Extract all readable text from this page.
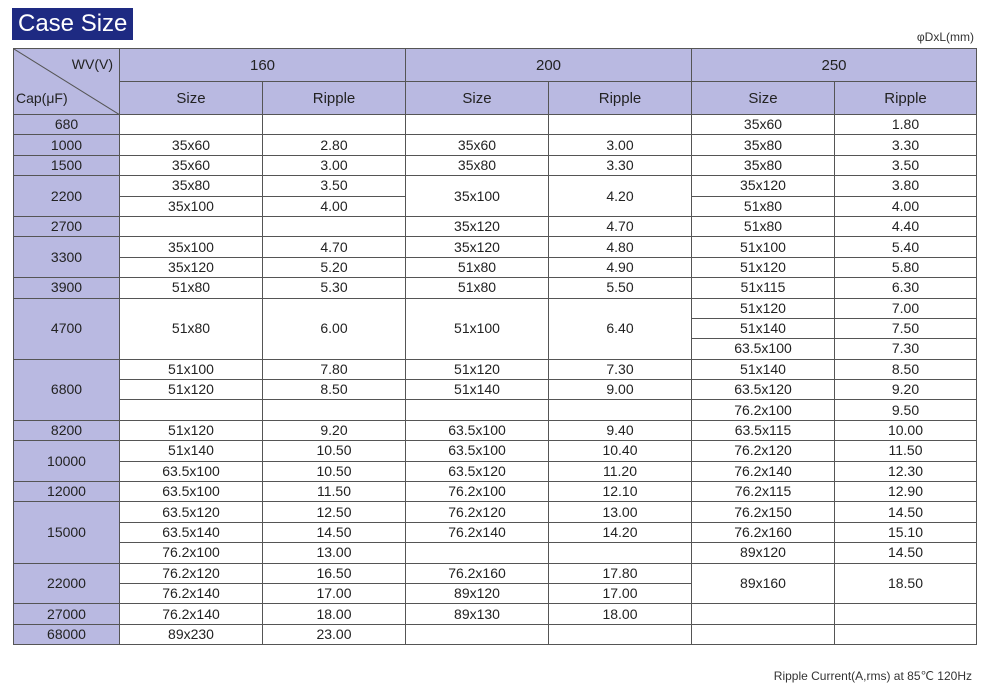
Case Size	φDxL(mm)
WV(V)
Cap(μF)	160		200		250	
	Size	Ripple	Size	Ripple	Size	Ripple
680					35x60	1.80
1000	35x60	2.80	35x60	3.00	35x80	3.30
1500	35x60	3.00	35x80	3.30	35x80	3.50
2200	35x80	3.50	35x100	4.20	35x120	3.80
	35x100	4.00			51x80	4.00
2700			35x120	4.70	51x80	4.40
3300	35x100	4.70	35x120	4.80	51x100	5.40
	35x120	5.20	51x80	4.90	51x120	5.80
3900	51x80	5.30	51x80	5.50	51x115	6.30
4700	51x80	6.00	51x100	6.40	51x120	7.00
					51x140	7.50
					63.5x100	7.30
6800	51x100	7.80	51x120	7.30	51x140	8.50
	51x120	8.50	51x140	9.00	63.5x120	9.20
					76.2x100	9.50
8200	51x120	9.20	63.5x100	9.40	63.5x115	10.00
10000	51x140	10.50	63.5x100	10.40	76.2x120	11.50
	63.5x100	10.50	63.5x120	11.20	76.2x140	12.30
12000	63.5x100	11.50	76.2x100	12.10	76.2x115	12.90
15000	63.5x120	12.50	76.2x120	13.00	76.2x150	14.50
	63.5x140	14.50	76.2x140	14.20	76.2x160	15.10
	76.2x100	13.00			89x120	14.50
22000	76.2x120	16.50	76.2x160	17.80	89x160	18.50
	76.2x140	17.00	89x120	17.00		
27000	76.2x140	18.00	89x130	18.00		
68000	89x230	23.00				
Ripple Current(A,rms) at 85℃ 120Hz
